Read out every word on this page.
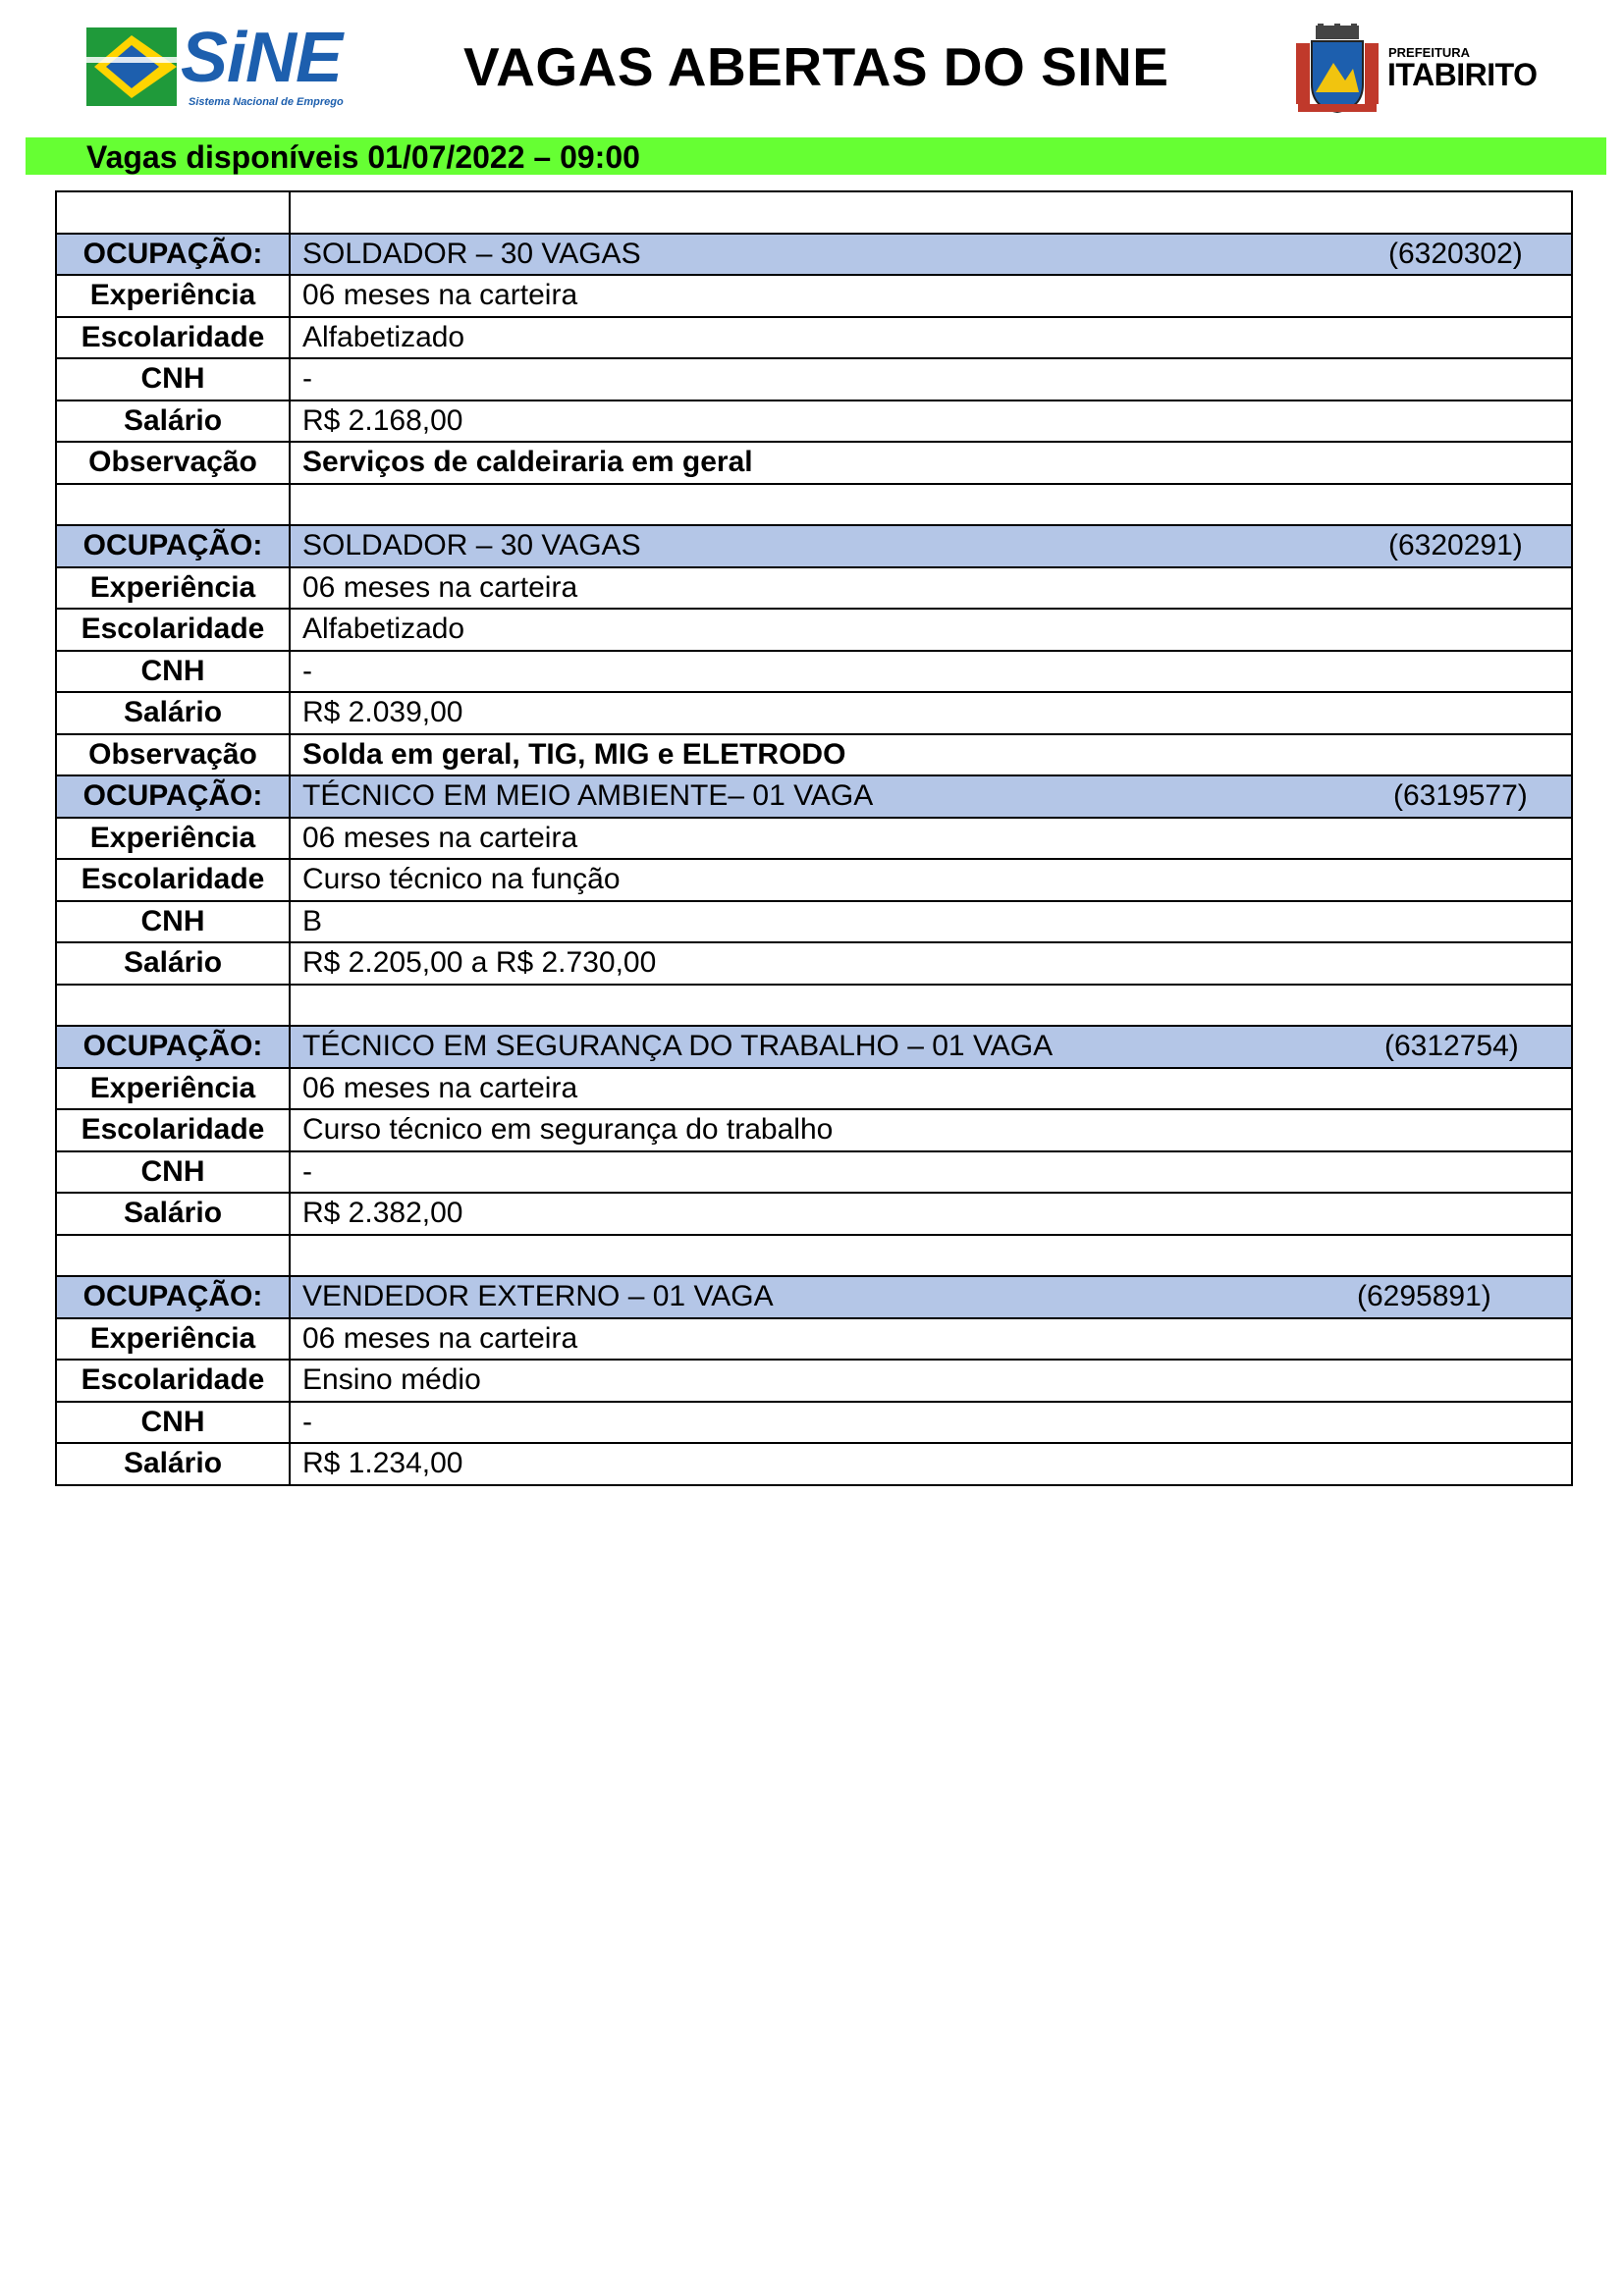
SiNE
Sistema Nacional de Emprego
VAGAS ABERTAS DO SINE	PREFEITURA
ITABIRITO
Vagas disponíveis 01/07/2022 – 09:00

OCUPAÇÃO:	SOLDADOR – 30 VAGAS (6320302)

Experiência	06 meses na carteira
Escolaridade	Alfabetizado
CNH	-
Salário	R$ 2.168,00
Observação	Serviços de caldeiraria em geral

OCUPAÇÃO:	SOLDADOR – 30 VAGAS (6320291)

Experiência	06 meses na carteira
Escolaridade	Alfabetizado
CNH	-
Salário	R$ 2.039,00
Observação	Solda em geral, TIG, MIG e ELETRODO
OCUPAÇÃO:	TÉCNICO EM MEIO AMBIENTE– 01 VAGA (6319577)

Experiência	06 meses na carteira
Escolaridade	Curso técnico na função
CNH	B
Salário	R$ 2.205,00 a R$ 2.730,00

OCUPAÇÃO:	TÉCNICO EM SEGURANÇA DO TRABALHO – 01 VAGA (6312754)

Experiência	06 meses na carteira
Escolaridade	Curso técnico em segurança do trabalho
CNH	-
Salário	R$ 2.382,00

OCUPAÇÃO:	VENDEDOR EXTERNO – 01 VAGA (6295891)

Experiência	06 meses na carteira
Escolaridade	Ensino médio
CNH	-
Salário	R$ 1.234,00
